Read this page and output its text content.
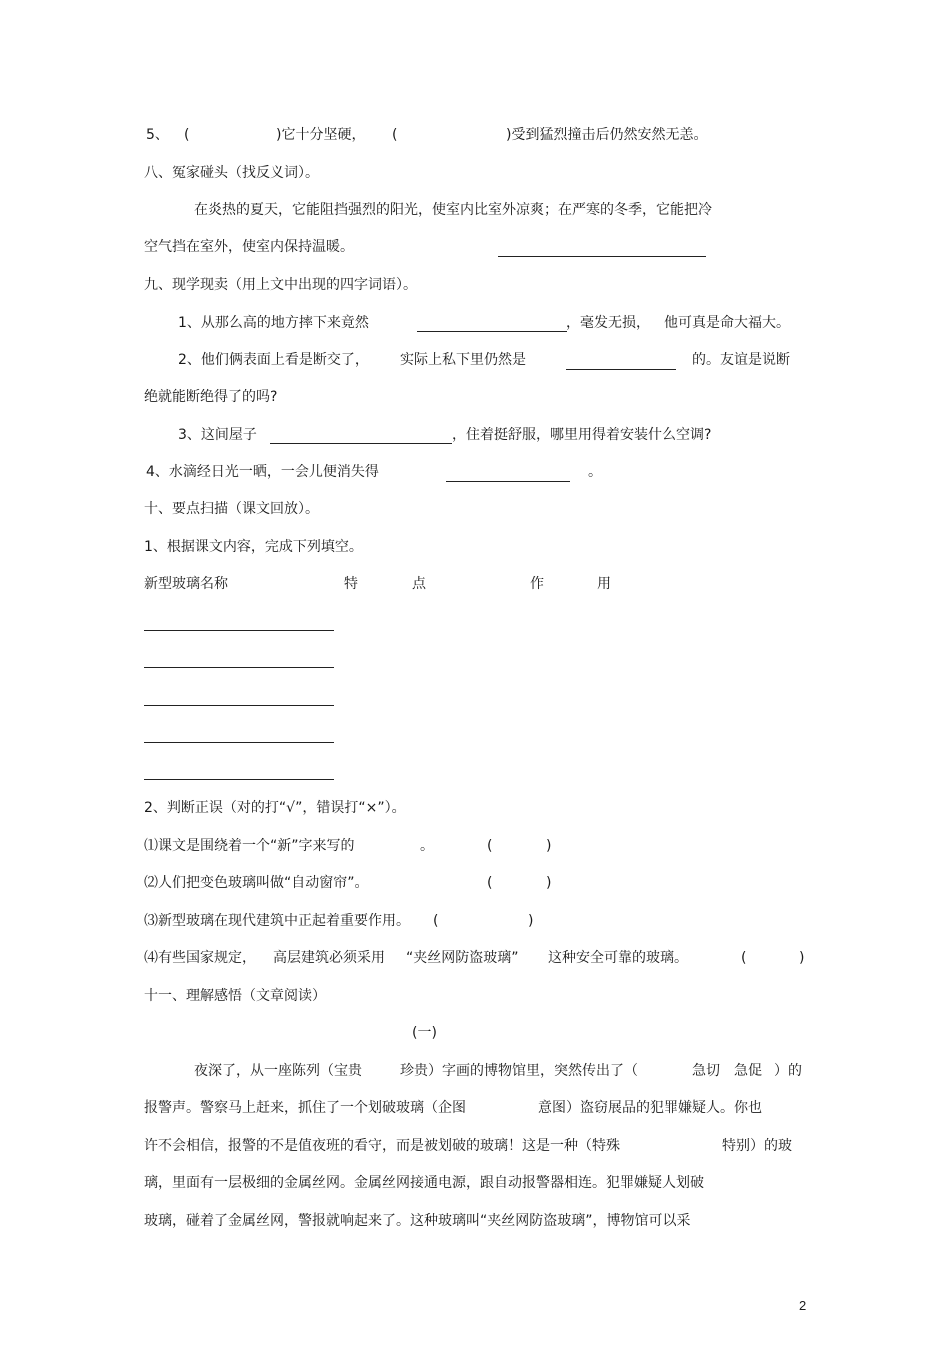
5、 (	)它十分坚硬， (	)受到猛烈撞击后仍然安然无恙。
八、冤家碰头（找反义词）。
在炎热的夏天，它能阻挡强烈的阳光，使室内比室外凉爽；在严寒的冬季，它能把冷
空气挡在室外，使室内保持温暖。
九、现学现卖（用上文中出现的四字词语）。
1、从那么高的地方摔下来竟然	，毫发无损， 他可真是命大福大。
2、他们俩表面上看是断交了， 实际上私下里仍然是	的。友谊是说断
绝就能断绝得了的吗?
3、这间屋子	，住着挺舒服，哪里用得着安装什么空调?
4、水滴经日光一晒，一会儿便消失得	。
十、要点扫描（课文回放）。
1、根据课文内容，完成下列填空。
新型玻璃名称	特	点	作	用
2、判断正误（对的打“√”，错误打“×”）。
⑴课文是围绕着一个“新”字来写的	。	(	)
⑵人们把变色玻璃叫做“自动窗帘”。	(	)
⑶新型玻璃在现代建筑中正起着重要作用。 (	)
⑷有些国家规定， 高层建筑必须采用 “夹丝网防盗玻璃” 这种安全可靠的玻璃。	(	)
十一、理解感悟（文章阅读）
(一)
夜深了，从一座陈列（宝贵	珍贵）字画的博物馆里，突然传出了（	急切 急促 ）的
报警声。警察马上赶来，抓住了一个划破玻璃（企图	意图）盗窃展品的犯罪嫌疑人。你也
许不会相信，报警的不是值夜班的看守，而是被划破的玻璃！这是一种（特殊	特别）的玻
璃，里面有一层极细的金属丝网。金属丝网接通电源，跟自动报警器相连。犯罪嫌疑人划破
玻璃，碰着了金属丝网，警报就响起来了。这种玻璃叫“夹丝网防盗玻璃”，博物馆可以采
2
